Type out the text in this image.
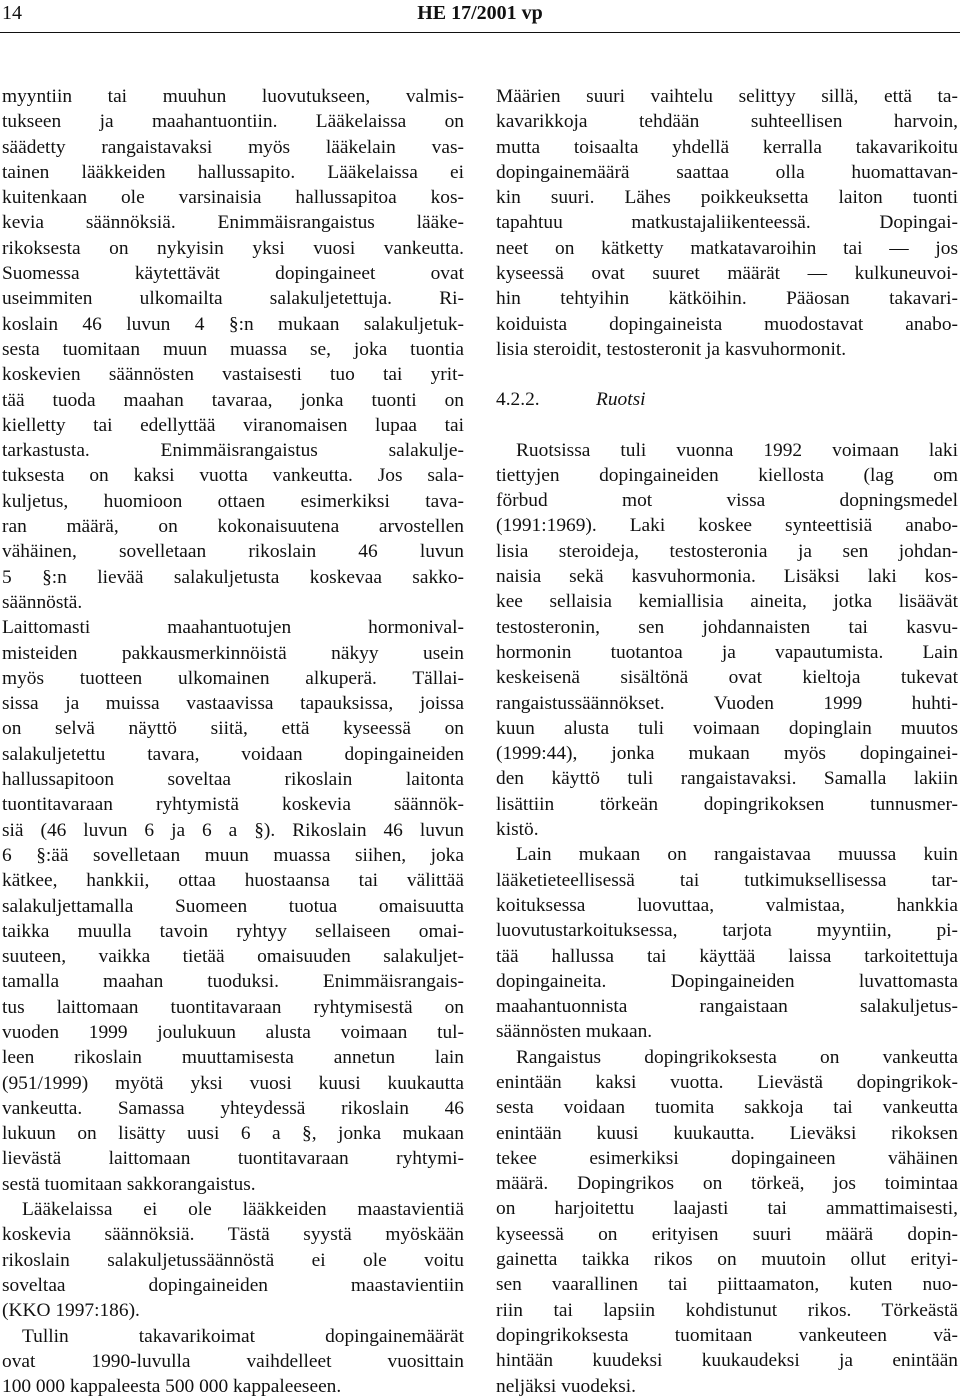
14	HE 17/2001 vp

myyntiin tai muuhun luovutukseen, valmis-
tukseen ja maahantuontiin. Lääkelaissa on
säädetty rangaistavaksi myös lääkelain vas-
tainen lääkkeiden hallussapito. Lääkelaissa ei
kuitenkaan ole varsinaisia hallussapitoa kos-
kevia säännöksiä. Enimmäisrangaistus lääke-
rikoksesta on nykyisin yksi vuosi vankeutta.
Suomessa käytettävät dopingaineet ovat
useimmiten ulkomailta salakuljetettuja. Ri-
koslain 46 luvun 4 §:n mukaan salakuljetuk-
sesta tuomitaan muun muassa se, joka tuontia
koskevien säännösten vastaisesti tuo tai yrit-
tää tuoda maahan tavaraa, jonka tuonti on
kielletty tai edellyttää viranomaisen lupaa tai
tarkastusta. Enimmäisrangaistus salakulje-
tuksesta on kaksi vuotta vankeutta. Jos sala-
kuljetus, huomioon ottaen esimerkiksi tava-
ran määrä, on kokonaisuutena arvostellen
vähäinen, sovelletaan rikoslain 46 luvun
5 §:n lievää salakuljetusta koskevaa sakko-
säännöstä.

Laittomasti maahantuotujen hormonival-
misteiden pakkausmerkinnöistä näkyy usein
myös tuotteen ulkomainen alkuperä. Tällai-
sissa ja muissa vastaavissa tapauksissa, joissa
on selvä näyttö siitä, että kyseessä on
salakuljetettu tavara, voidaan dopingaineiden
hallussapitoon soveltaa rikoslain laitonta
tuontitavaraan ryhtymistä koskevia säännök-
siä (46 luvun 6 ja 6 a §). Rikoslain 46 luvun
6 §:ää sovelletaan muun muassa siihen, joka
kätkee, hankkii, ottaa huostaansa tai välittää
salakuljettamalla Suomeen tuotua omaisuutta
taikka muulla tavoin ryhtyy sellaiseen omai-
suuteen, vaikka tietää omaisuuden salakuljet-
tamalla maahan tuoduksi. Enimmäisrangais-
tus laittomaan tuontitavaraan ryhtymisestä on
vuoden 1999 joulukuun alusta voimaan tul-
leen rikoslain muuttamisesta annetun lain
(951/1999) myötä yksi vuosi kuusi kuukautta
vankeutta. Samassa yhteydessä rikoslain 46
lukuun on lisätty uusi 6 a §, jonka mukaan
lievästä laittomaan tuontitavaraan ryhtymi-
sestä tuomitaan sakkorangaistus.

Lääkelaissa ei ole lääkkeiden maastavientiä
koskevia säännöksiä. Tästä syystä myöskään
rikoslain salakuljetussäännöstä ei ole voitu
soveltaa dopingaineiden maastavientiin
(KKO 1997:186).

Tullin takavarikoimat dopingainemäärät
ovat 1990-luvulla vaihdelleet vuosittain
100 000 kappaleesta 500 000 kappaleeseen.

Määrien suuri vaihtelu selittyy sillä, että ta-
kavarikkoja tehdään suhteellisen harvoin,
mutta toisaalta yhdellä kerralla takavarikoitu
dopingainemäärä saattaa olla huomattavan-
kin suuri. Lähes poikkeuksetta laiton tuonti
tapahtuu matkustajaliikenteessä. Dopingai-
neet on kätketty matkatavaroihin tai — jos
kyseessä ovat suuret määrät — kulkuneuvoi-
hin tehtyihin kätköihin. Pääosan takavari-
koiduista dopingaineista muodostavat anabo-
lisia steroidit, testosteronit ja kasvuhormonit.

4.2.2.	Ruotsi

Ruotsissa tuli vuonna 1992 voimaan laki
tiettyjen dopingaineiden kiellosta (lag om
förbud mot vissa dopningsmedel
(1991:1969). Laki koskee synteettisiä anabo-
lisia steroideja, testosteronia ja sen johdan-
naisia sekä kasvuhormonia. Lisäksi laki kos-
kee sellaisia kemiallisia aineita, jotka lisäävät
testosteronin, sen johdannaisten tai kasvu-
hormonin tuotantoa ja vapautumista. Lain
keskeisenä sisältönä ovat kieltoja tukevat
rangaistussäännökset. Vuoden 1999 huhti-
kuun alusta tuli voimaan dopinglain muutos
(1999:44), jonka mukaan myös dopingainei-
den käyttö tuli rangaistavaksi. Samalla lakiin
lisättiin törkeän dopingrikoksen tunnusmer-
kistö.

Lain mukaan on rangaistavaa muussa kuin
lääketieteellisessä tai tutkimuksellisessa tar-
koituksessa luovuttaa, valmistaa, hankkia
luovutustarkoituksessa, tarjota myyntiin, pi-
tää hallussa tai käyttää laissa tarkoitettuja
dopingaineita. Dopingaineiden luvattomasta
maahantuonnista rangaistaan salakuljetus-
säännösten mukaan.

Rangaistus dopingrikoksesta on vankeutta
enintään kaksi vuotta. Lievästä dopingrikok-
sesta voidaan tuomita sakkoja tai vankeutta
enintään kuusi kuukautta. Lieväksi rikoksen
tekee esimerkiksi dopingaineen vähäinen
määrä. Dopingrikos on törkeä, jos toimintaa
on harjoitettu laajasti tai ammattimaisesti,
kyseessä on erityisen suuri määrä dopin-
gainetta taikka rikos on muutoin ollut erityi-
sen vaarallinen tai piittaamaton, kuten nuo-
riin tai lapsiin kohdistunut rikos. Törkeästä
dopingrikoksesta tuomitaan vankeuteen vä-
hintään kuudeksi kuukaudeksi ja enintään
neljäksi vuodeksi.
